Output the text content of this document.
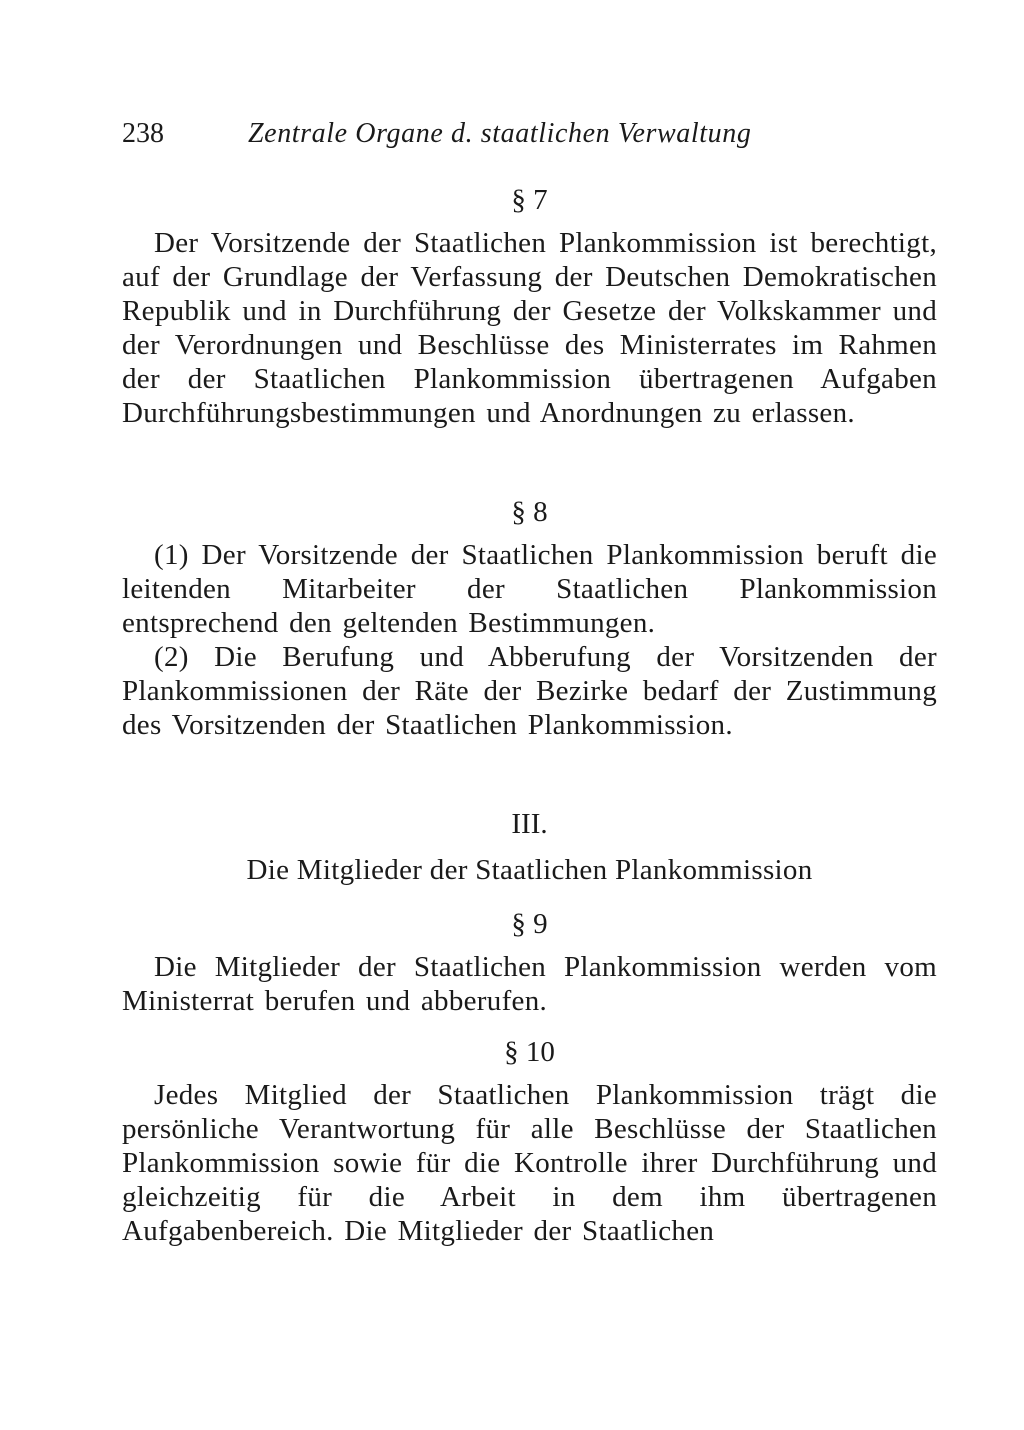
238	Zentrale Organe d. staatlichen Verwaltung
§ 7

Der Vorsitzende der Staatlichen Plankommission ist berechtigt, auf der Grundlage der Verfassung der Deutschen Demokratischen Republik und in Durchführung der Gesetze der Volkskammer und der Verordnungen und Beschlüsse des Ministerrates im Rahmen der der Staatlichen Plankommission übertragenen Aufgaben Durchführungsbestimmungen und Anordnungen zu erlassen.

§ 8

(1) Der Vorsitzende der Staatlichen Plankommission beruft die leitenden Mitarbeiter der Staatlichen Plankommission entsprechend den geltenden Bestimmungen.

(2) Die Berufung und Abberufung der Vorsitzenden der Plankommissionen der Räte der Bezirke bedarf der Zustimmung des Vorsitzenden der Staatlichen Plankommission.

III.
Die Mitglieder der Staatlichen Plankommission
§ 9

Die Mitglieder der Staatlichen Plankommission werden vom Ministerrat berufen und abberufen.

§ 10

Jedes Mitglied der Staatlichen Plankommission trägt die persönliche Verantwortung für alle Beschlüsse der Staatlichen Plankommission sowie für die Kontrolle ihrer Durchführung und gleichzeitig für die Arbeit in dem ihm übertragenen Aufgabenbereich. Die Mitglieder der Staatlichen
